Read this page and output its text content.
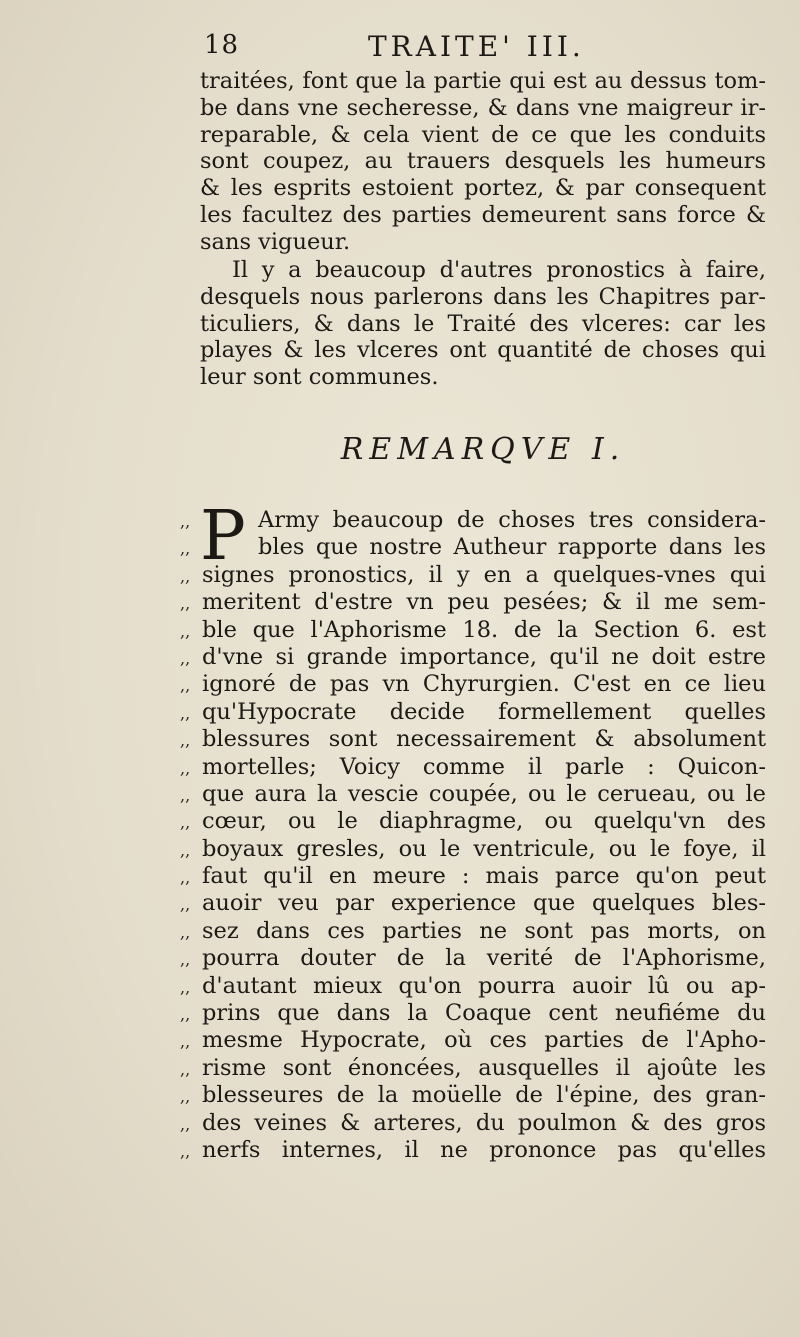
18	TRAITE' III.
traitées, font que la partie qui est au dessus tom-
be dans vne secheresse, & dans vne maigreur ir-
reparable, & cela vient de ce que les conduits
sont coupez, au trauers desquels les humeurs
& les esprits estoient portez, & par consequent
les facultez des parties demeurent sans force &
sans vigueur.
Il y a beaucoup d'autres pronostics à faire,
desquels nous parlerons dans les Chapitres par-
ticuliers, & dans le Traité des vlceres: car les
playes & les vlceres ont quantité de choses qui
leur sont communes.
REMARQVE I.
P
,,	Army beaucoup de choses tres considera-
,,	bles que nostre Autheur rapporte dans les
,, signes pronostics, il y en a quelques-vnes qui
,, meritent d'estre vn peu pesées; & il me sem-
,, ble que l'Aphorisme 18. de la Section 6. est
,, d'vne si grande importance, qu'il ne doit estre
,, ignoré de pas vn Chyrurgien. C'est en ce lieu
,, qu'Hypocrate decide formellement quelles
,, blessures sont necessairement & absolument
,, mortelles; Voicy comme il parle : Quicon-
,, que aura la vescie coupée, ou le cerueau, ou le
,, cœur, ou le diaphragme, ou quelqu'vn des
,, boyaux gresles, ou le ventricule, ou le foye, il
,, faut qu'il en meure : mais parce qu'on peut
,, auoir veu par experience que quelques bles-
,, sez dans ces parties ne sont pas morts, on
,, pourra douter de la verité de l'Aphorisme,
,, d'autant mieux qu'on pourra auoir lû ou ap-
,, prins que dans la Coaque cent neufiéme du
,, mesme Hypocrate, où ces parties de l'Apho-
,, risme sont énoncées, ausquelles il ajoûte les
,, blesseures de la moüelle de l'épine, des gran-
,, des veines & arteres, du poulmon & des gros
,, nerfs internes, il ne prononce pas qu'elles
